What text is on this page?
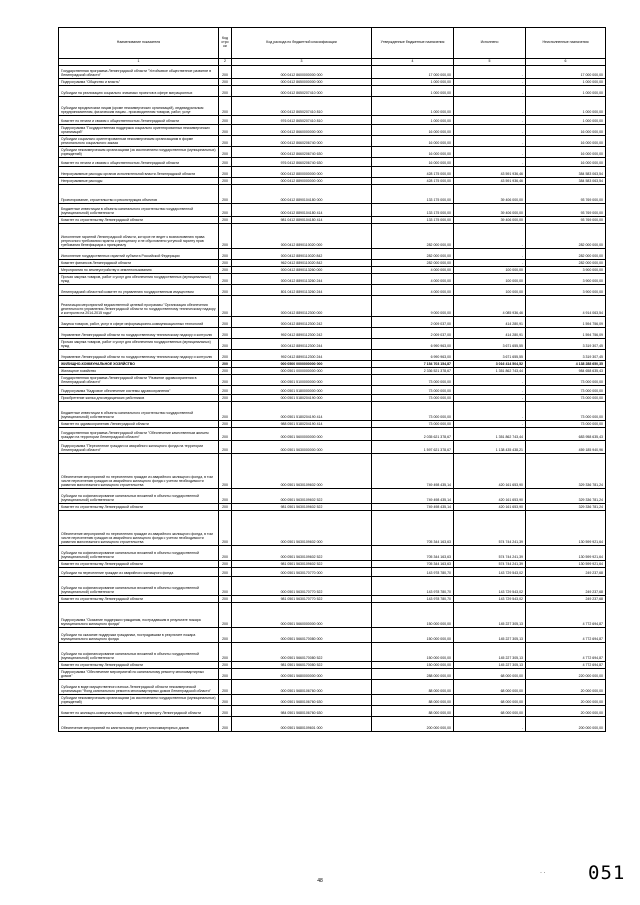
Наименование показателя	Код стро ки	Код расхода по бюджетной классификации	Утвержденные бюджетные назначения	Исполнено	Неисполненные назначения
1	2	3	4	5	6
Государственная программа Ленинградской области "Устойчивое общественное развитие в Ленинградской области"	200	000 0412 8600000000 000	17 000 000,00	-	17 000 000,00
Подпрограмма "Общество и власть"	200	000 0412 8650000000 000	1 000 000,00	-	1 000 000,00
Субсидии на реализацию социально значимых проектов в сфере миграционных	200	000 0412 8650207410 000	1 000 000,00	-	1 000 000,00
Субсидии юридическим лицам (кроме некоммерческих организаций), индивидуальным предпринимателям, физическим лицам - производителям товаров, работ, услуг	200	000 0412 8650207410 810	1 000 000,00	-	1 000 000,00
Комитет по печати и связям с общественностью Ленинградской области	200	976 0412 8650207410 810	1 000 000,00	-	1 000 000,00
Подпрограмма "Государственная поддержка социально ориентированных некоммерческих организаций"	200	000 0412 8660000000 000	16 000 000,00	-	16 000 000,00
Субсидии социально ориентированным некоммерческим организациям в форме регионального социального заказа	200	000 0412 8660206740 000	16 000 000,00	-	16 000 000,00
Субсидии некоммерческим организациям (за исключением государственных (муниципальных) учреждений)	200	000 0412 8660206740 630	16 000 000,00	-	16 000 000,00
Комитет по печати и связям с общественностью Ленинградской области	200	976 0412 8660206740 630	16 000 000,00	-	16 000 000,00
Непрограммные расходы органов исполнительной власти Ленинградской области	200	000 0412 8800000000 000	428 175 000,00	43 591 936,46	384 583 063,54
Непрограммные расходы	200	000 0412 8890000000 000	428 175 000,00	43 591 936,46	384 583 063,54
Проектирование, строительство и реконструкция объектов	200	000 0412 8890104180 000	133 175 000,00	39 406 000,00	93 769 000,00
Бюджетные инвестиции в объекты капитального строительства государственной (муниципальной) собственности	200	000 0412 8890104180 414	133 175 000,00	39 406 000,00	93 769 000,00
Комитет по строительству Ленинградской области	200	981 0412 8890104180 414	133 175 000,00	39 406 000,00	93 769 000,00
Исполнение гарантий Ленинградской области, которое не ведет к возникновению права регрессного требования гаранта к принципалу и не обусловлено уступкой гаранту прав требования бенефициара к принципалу	200	000 0412 8890110020 000	282 000 000,00	-	282 000 000,00
Исполнение государственных гарантий субъекта Российской Федерации	200	000 0412 8890110020 842	282 000 000,00	-	282 000 000,00
Комитет финансов Ленинградской области	200	962 0412 8890110020 842	282 000 000,00	-	282 000 000,00
Мероприятия по землеустройству и землепользованию	200	000 0412 8890113260 000	4 000 000,00	100 000,00	3 900 000,00
Прочая закупка товаров, работ и услуг для обеспечения государственных (муниципальных) нужд	200	000 0412 8890113260 244	4 000 000,00	100 000,00	3 900 000,00
Ленинградский областной комитет по управлению государственным имуществом	200	801 0412 8890113260 244	4 000 000,00	100 000,00	3 900 000,00
Реализация мероприятий ведомственной целевой программы "Организация обеспечения деятельности управления Ленинградской области по государственному техническому надзору и контролю на 2014-2015 годы"	200	000 0412 8890112300 000	9 000 000,00	4 085 936,46	4 914 063,54
Закупка товаров, работ, услуг в сфере информационно-коммуникационных технологий	200	000 0412 8890112300 242	2 009 037,00	414 280,91	1 594 756,09
Управление Ленинградской области по государственному техническому надзору и контролю	200	992 0412 8890112300 242	2 009 037,00	414 280,91	1 594 756,09
Прочая закупка товаров, работ и услуг для обеспечения государственных (муниципальных) нужд	200	000 0412 8890112300 244	6 990 963,00	3 671 655,55	3 319 307,45
Управление Ленинградской области по государственному техническому надзору и контролю	200	992 0412 8890112300 244	6 990 963,00	3 671 655,55	3 319 307,45
ЖИЛИЩНО-КОММУНАЛЬНОЕ ХОЗЯЙСТВО	200	000 0500 0000000000 000	7 154 703 154,87	3 016 414 504,52	4 138 288 650,35
Жилищное хозяйство	200	000 0501 0000000000 000	2 336 521 378,67	1 351 862 743,44	984 658 635,43
Государственная программа Ленинградской области "Развитие здравоохранения в Ленинградской области"	200	000 0501 5100000000 000	73 000 000,00	-	73 000 000,00
Подпрограмма "Кадровое обеспечение системы здравоохранения"	200	000 0501 5180000000 000	73 000 000,00	-	73 000 000,00
Приобретение жилья для медицинских работников	200	000 0501 5180204190 000	73 000 000,00	-	73 000 000,00
Бюджетные инвестиции в объекты капитального строительства государственной (муниципальной) собственности	200	000 0501 5180204190 414	73 000 000,00	-	73 000 000,00
Комитет по здравоохранению Ленинградской области	200	988 0501 5180204190 414	73 000 000,00	-	73 000 000,00
Государственная программа Ленинградской области "Обеспечение качественным жильем граждан на территории Ленинградской области"	200	000 0501 5600000000 000	2 035 621 378,67	1 351 862 743,44	683 958 635,43
Подпрограмма "Переселение граждан из аварийного жилищного фонда на территории Ленинградской области"	200	000 0501 5630000000 000	1 597 621 378,67	1 138 435 438,21	459 185 940,96
Обеспечение мероприятий по переселению граждан из аварийного жилищного фонда, в том числе переселению граждан из аварийного жилищного фонда с учетом необходимости развития малоэтажного жилищного строительства	200	000 0501 5630109602 000	749 498 435,14	420 161 653,90	329 336 781,24
Субсидии на софинансирование капитальных вложений в объекты государственной (муниципальной) собственности	200	000 0501 5630109602 522	749 498 435,14	420 161 653,90	329 336 781,24
Комитет по строительству Ленинградской области	200	981 0501 5630109602 522	749 498 435,14	420 161 653,90	329 336 781,24
Обеспечение мероприятий по переселению граждан из аварийного жилищного фонда, в том числе переселению граждан из аварийного жилищного фонда с учетом необходимости развития малоэтажного жилищного строительства	200	000 0501 5630109602 000	705 344 163,63	574 744 241,39	130 599 921,64
Субсидии на софинансирование капитальных вложений в объекты государственной (муниципальной) собственности	200	000 0501 5630109602 522	705 344 163,63	574 744 241,39	130 599 921,64
Комитет по строительству Ленинградской области	200	981 0501 5630109602 522	705 344 163,63	574 744 241,39	130 599 921,64
Субсидии на переселение граждан из аварийного жилищного фонда	200	000 0501 5630170770 000	143 978 780,70	143 729 543,02	249 237,68
Субсидии на софинансирование капитальных вложений в объекты государственной (муниципальной) собственности	200	000 0501 5630170770 522	143 978 780,70	143 729 543,02	249 237,68
Комитет по строительству Ленинградской области	200	981 0501 5630170770 522	143 978 780,70	143 729 543,02	249 237,68
Подпрограмма "Оказание поддержки гражданам, пострадавшим в результате пожара муниципального жилищного фонда"	200	000 0501 5660000000 000	150 000 000,00	145 227 305,13	4 772 694,87
Субсидии на оказание поддержки гражданам, пострадавшим в результате пожара муниципального жилищного фонда	200	000 0501 5660170080 000	150 000 000,00	145 227 305,13	4 772 694,87
Субсидии на софинансирование капитальных вложений в объекты государственной (муниципальной) собственности	200	000 0501 5660170080 522	150 000 000,00	145 227 305,13	4 772 694,87
Комитет по строительству Ленинградской области	200	981 0501 5660170080 522	150 000 000,00	145 227 305,13	4 772 694,87
Подпрограмма "Обеспечение мероприятий по капитальному ремонту многоквартирных домов"	200	000 0501 5680000000 000	288 000 000,00	68 000 000,00	220 000 000,00
Субсидии в виде имущественного взноса Ленинградской области некоммерческой организации "Фонд капитального ремонта многоквартирных домов Ленинградской области"	200	000 0501 5680106760 000	88 000 000,00	68 000 000,00	20 000 000,00
Субсидии некоммерческим организациям (за исключением государственных (муниципальных) учреждений)	200	000 0501 5680106760 630	88 000 000,00	68 000 000,00	20 000 000,00
Комитет по жилищно-коммунальному хозяйству и транспорту Ленинградской области	200	984 0501 5680106760 630	88 000 000,00	68 000 000,00	20 000 000,00
Обеспечение мероприятий по капитальному ремонту многоквартирных домов	200	000 0501 5680109601 000	200 000 000,00	-	200 000 000,00
· ·
48	051
